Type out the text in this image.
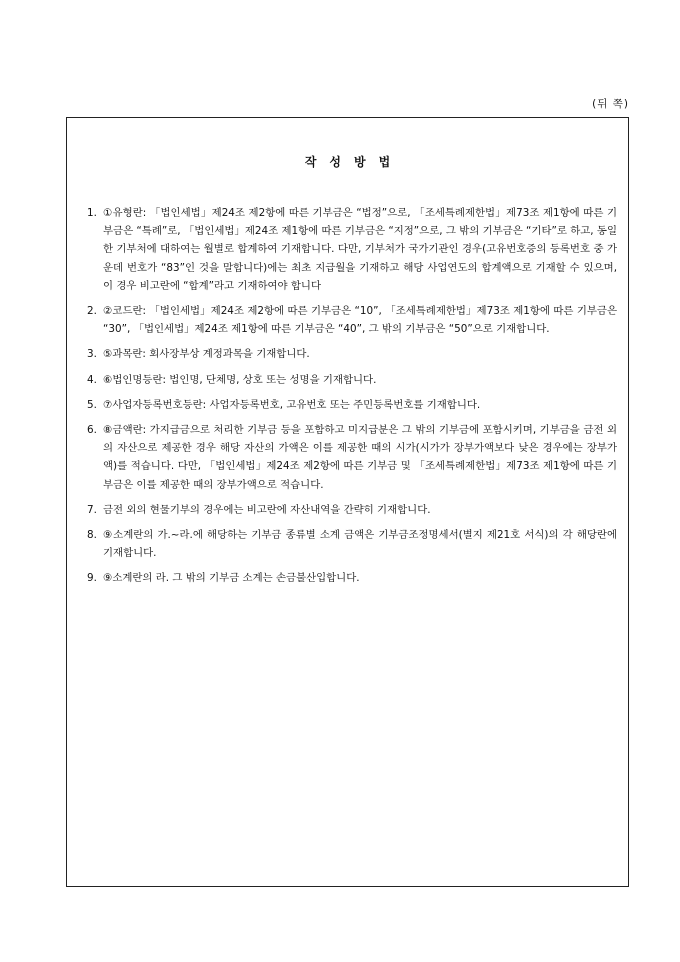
(뒤 쪽)
작성방법
1. ①유형란: 「법인세법」제24조 제2항에 따른 기부금은 “법정”으로, 「조세특례제한법」제73조 제1항에 따른 기부금은 “특례”로, 「법인세법」제24조 제1항에 따른 기부금은 “지정”으로, 그 밖의 기부금은 “기타”로 하고, 동일한 기부처에 대하여는 월별로 합계하여 기재합니다. 다만, 기부처가 국가기관인 경우(고유번호증의 등록번호 중 가운데 번호가 “83”인 것을 말합니다)에는 최초 지급월을 기재하고 해당 사업연도의 합계액으로 기재할 수 있으며, 이 경우 비고란에 “합계”라고 기재하여야 합니다
2. ②코드란: 「법인세법」제24조 제2항에 따른 기부금은 “10”, 「조세특례제한법」제73조 제1항에 따른 기부금은 “30”, 「법인세법」제24조 제1항에 따른 기부금은 “40”, 그 밖의 기부금은 “50”으로 기재합니다.
3. ⑤과목란: 회사장부상 계정과목을 기재합니다.
4. ⑥법인명등란: 법인명, 단체명, 상호 또는 성명을 기재합니다.
5. ⑦사업자등록번호등란: 사업자등록번호, 고유번호 또는 주민등록번호를 기재합니다.
6. ⑧금액란: 가지급금으로 처리한 기부금 등을 포함하고 미지급분은 그 밖의 기부금에 포함시키며, 기부금을 금전 외의 자산으로 제공한 경우 해당 자산의 가액은 이를 제공한 때의 시가(시가가 장부가액보다 낮은 경우에는 장부가액)를 적습니다. 다만, 「법인세법」제24조 제2항에 따른 기부금 및 「조세특례제한법」제73조 제1항에 따른 기부금은 이를 제공한 때의 장부가액으로 적습니다.
7. 금전 외의 현물기부의 경우에는 비고란에 자산내역을 간략히 기재합니다.
8. ⑨소계란의 가.~라.에 해당하는 기부금 종류별 소계 금액은 기부금조정명세서(별지 제21호 서식)의 각 해당란에 기재합니다.
9. ⑨소계란의 라. 그 밖의 기부금 소계는 손금불산입합니다.
